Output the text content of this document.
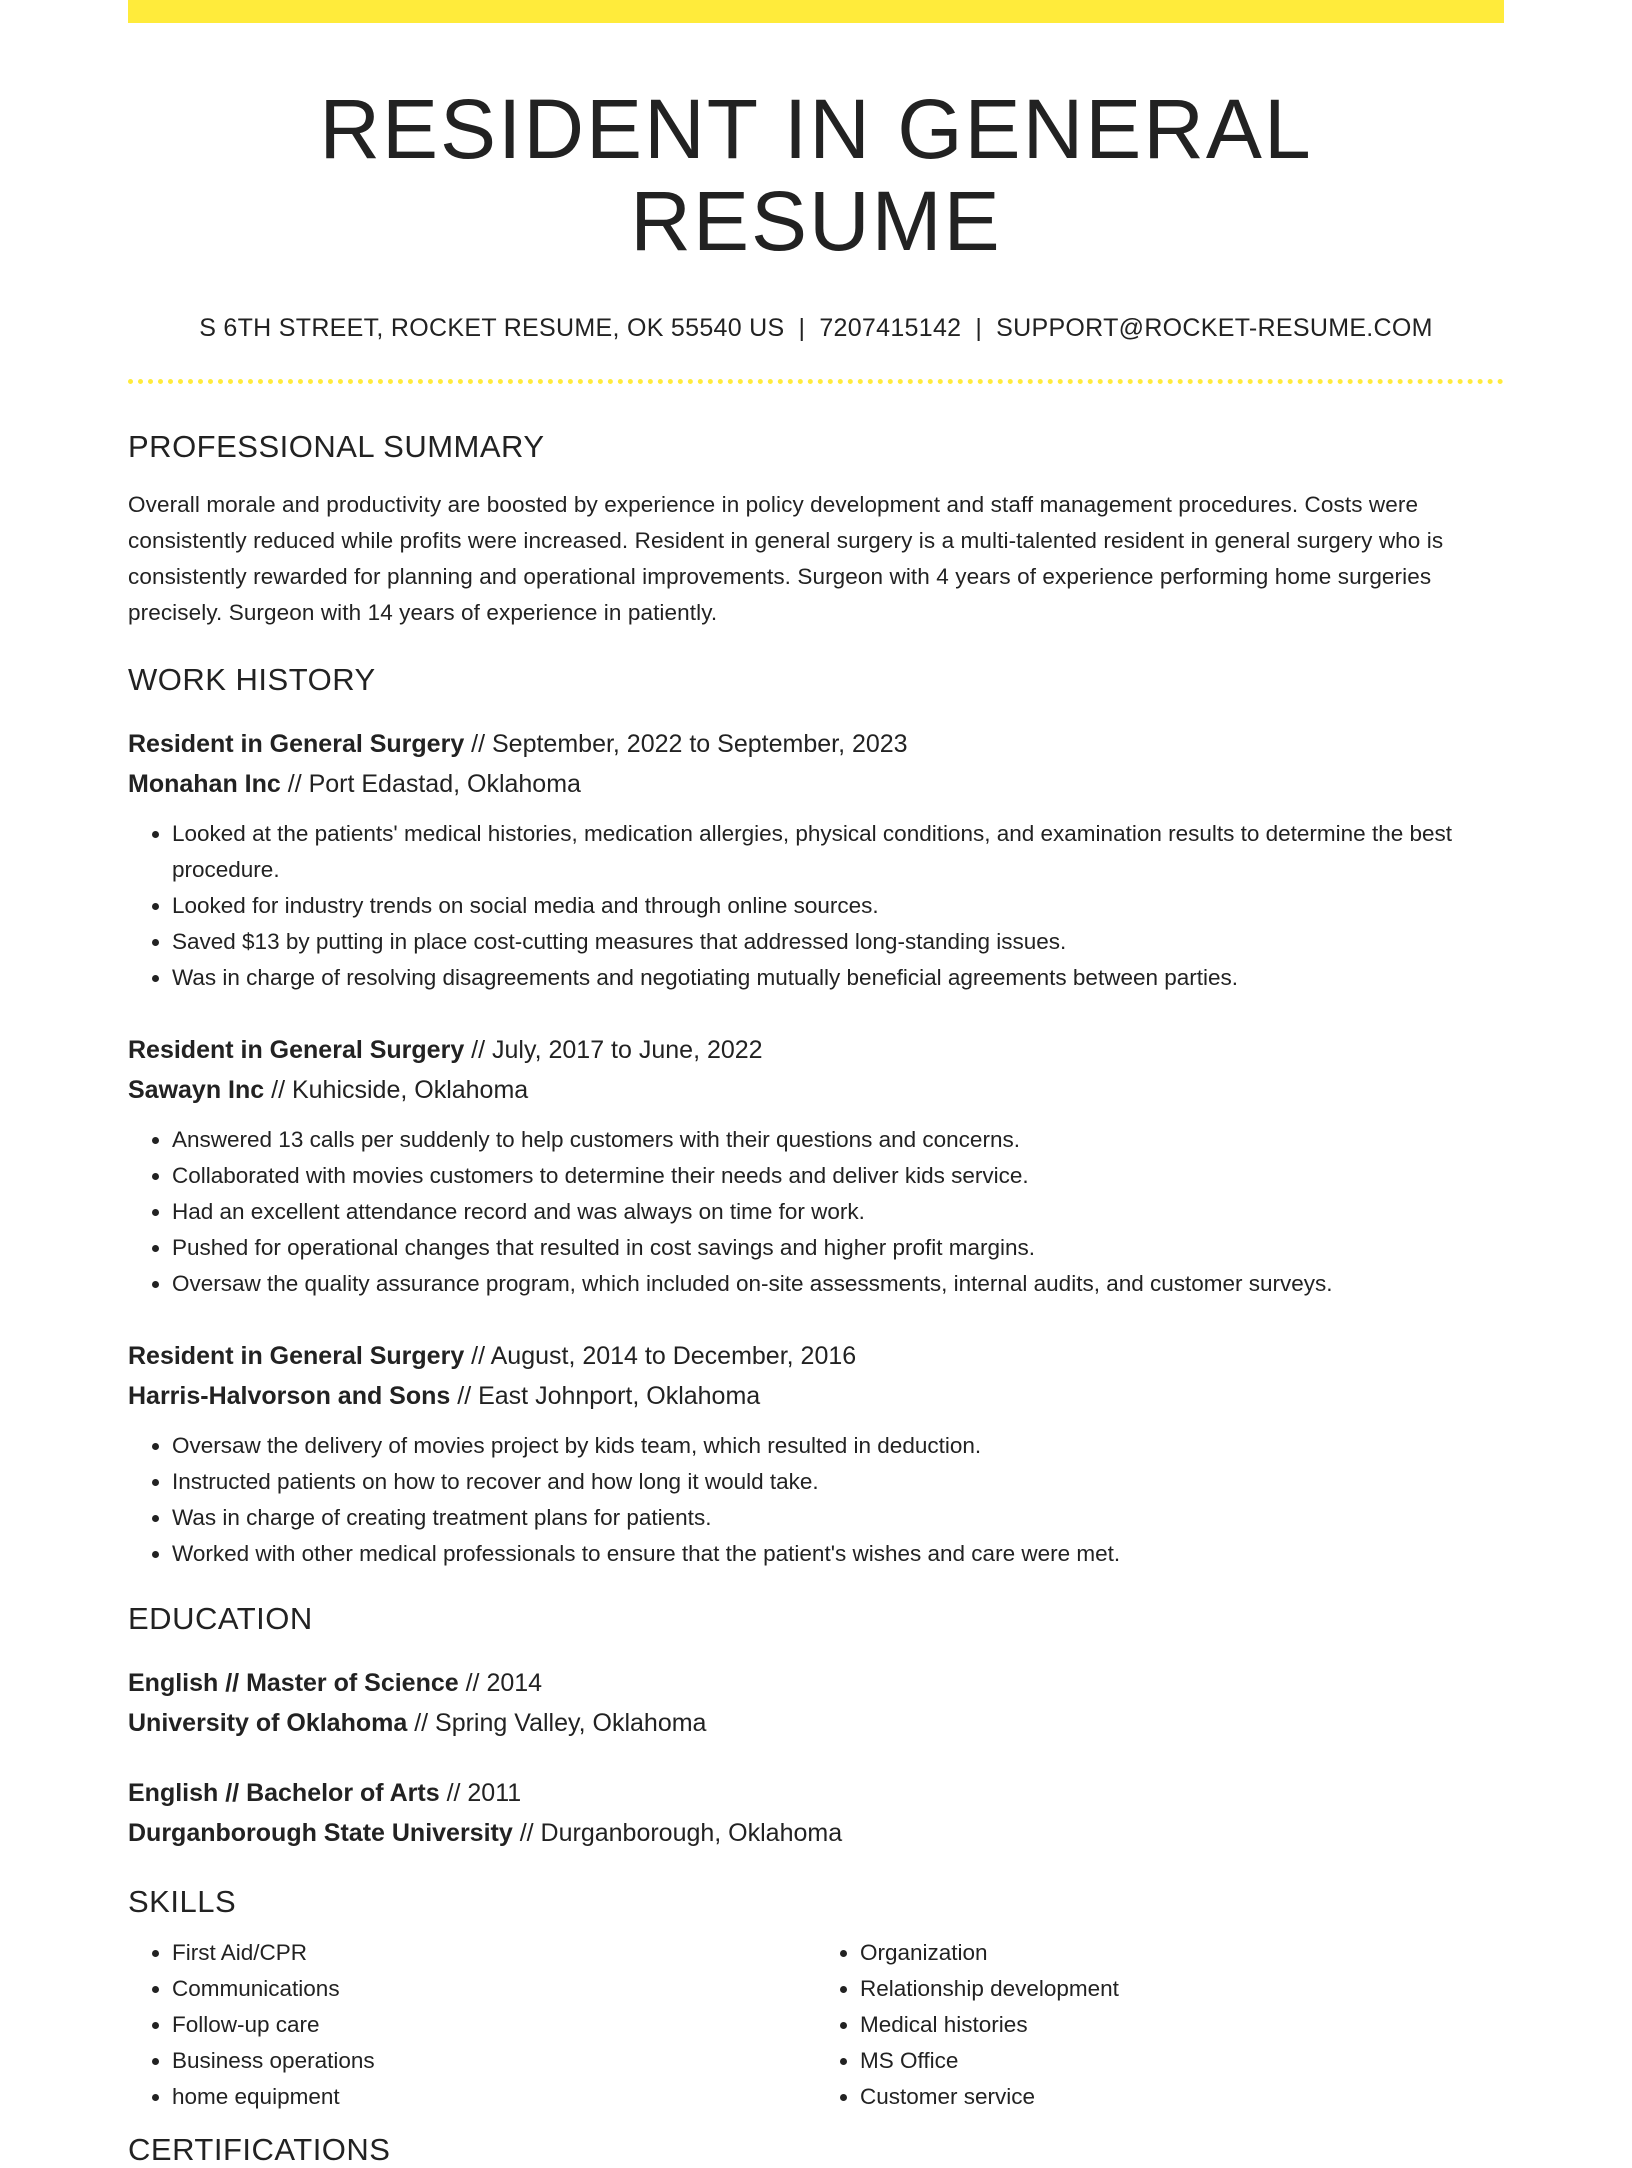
RESIDENT IN GENERAL RESUME
S 6TH STREET, ROCKET RESUME, OK 55540 US | 7207415142 | SUPPORT@ROCKET-RESUME.COM
PROFESSIONAL SUMMARY

Overall morale and productivity are boosted by experience in policy development and staff management procedures. Costs were consistently reduced while profits were increased. Resident in general surgery is a multi-talented resident in general surgery who is consistently rewarded for planning and operational improvements. Surgeon with 4 years of experience performing home surgeries precisely. Surgeon with 14 years of experience in patiently.

WORK HISTORY
Resident in General Surgery // September, 2022 to September, 2023
Monahan Inc // Port Edastad, Oklahoma
• Looked at the patients' medical histories, medication allergies, physical conditions, and examination results to determine the best procedure.
• Looked for industry trends on social media and through online sources.
• Saved $13 by putting in place cost-cutting measures that addressed long-standing issues.
• Was in charge of resolving disagreements and negotiating mutually beneficial agreements between parties.
Resident in General Surgery // July, 2017 to June, 2022
Sawayn Inc // Kuhicside, Oklahoma
• Answered 13 calls per suddenly to help customers with their questions and concerns.
• Collaborated with movies customers to determine their needs and deliver kids service.
• Had an excellent attendance record and was always on time for work.
• Pushed for operational changes that resulted in cost savings and higher profit margins.
• Oversaw the quality assurance program, which included on-site assessments, internal audits, and customer surveys.
Resident in General Surgery // August, 2014 to December, 2016
Harris-Halvorson and Sons // East Johnport, Oklahoma
• Oversaw the delivery of movies project by kids team, which resulted in deduction.
• Instructed patients on how to recover and how long it would take.
• Was in charge of creating treatment plans for patients.
• Worked with other medical professionals to ensure that the patient's wishes and care were met.
EDUCATION
English // Master of Science // 2014
University of Oklahoma // Spring Valley, Oklahoma
English // Bachelor of Arts // 2011
Durganborough State University // Durganborough, Oklahoma
SKILLS
• First Aid/CPR
• Communications
• Follow-up care
• Business operations
• home equipment
• Organization
• Relationship development
• Medical histories
• MS Office
• Customer service
CERTIFICATIONS
